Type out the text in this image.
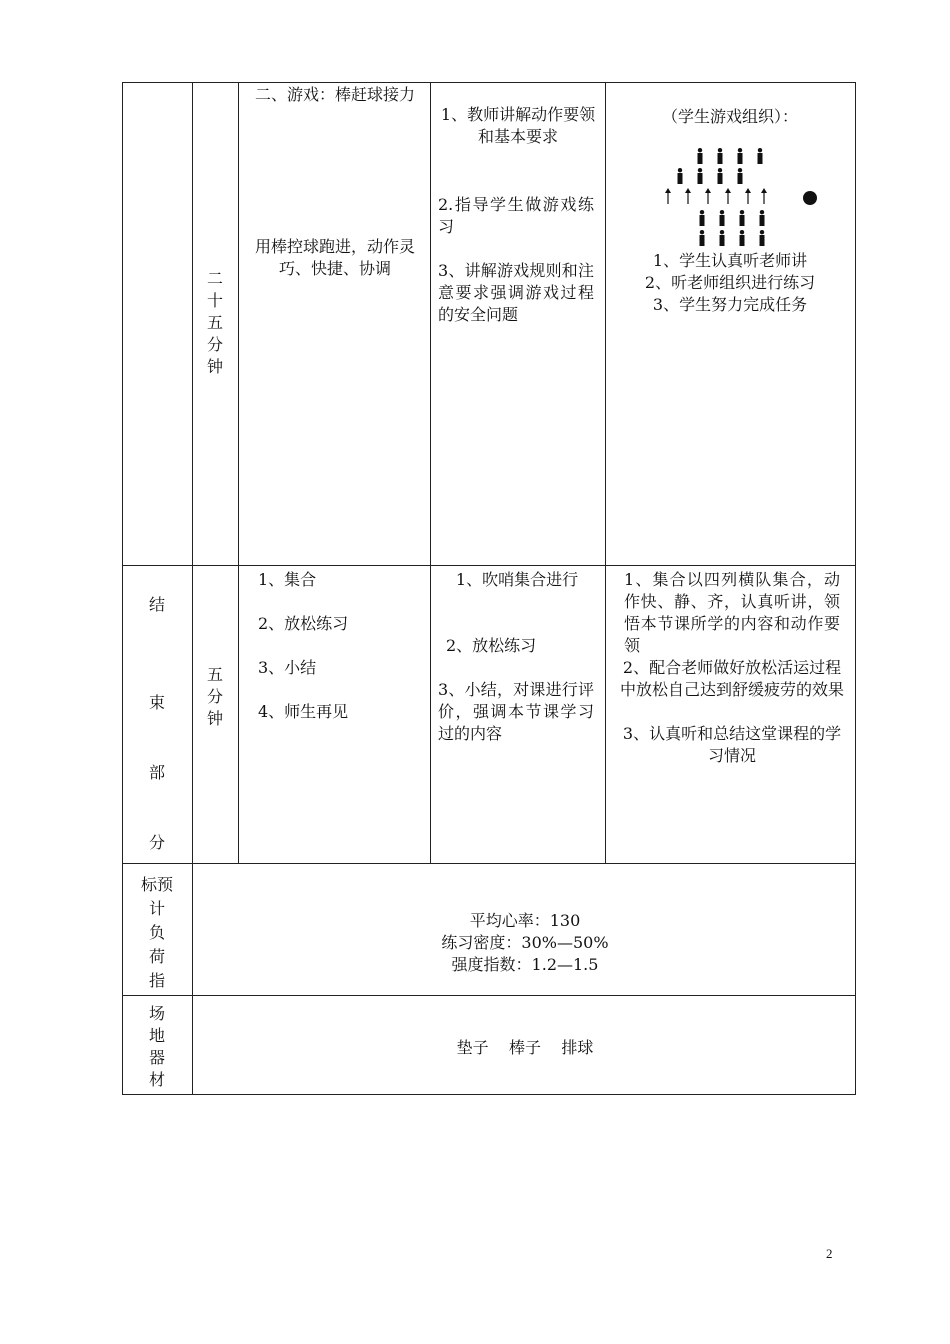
二
十
五
分
钟
二、游戏：棒赶球接力
用棒控球跑进，动作灵巧、快捷、协调
1、教师讲解动作要领和基本要求
2.指导学生做游戏练习
3、讲解游戏规则和注意要求强调游戏过程的安全问题
（学生游戏组织）：
1、学生认真听老师讲
2、听老师组织进行练习
3、学生努力完成任务
结
束
部
分
五
分
钟
1、集合
2、放松练习
3、小结
4、师生再见
1、吹哨集合进行
2、放松练习
3、小结，对课进行评价，强调本节课学习过的内容
1、集合以四列横队集合，动作快、静、齐，认真听讲，领悟本节课所学的内容和动作要领
2、配合老师做好放松活运过程中放松自己达到舒缓疲劳的效果
3、认真听和总结这堂课程的学习情况
标预
计
负
荷
指
平均心率：130
练习密度：30%—50%
强度指数：1.2—1.5
场
地
器
材
垫子    棒子    排球
2
